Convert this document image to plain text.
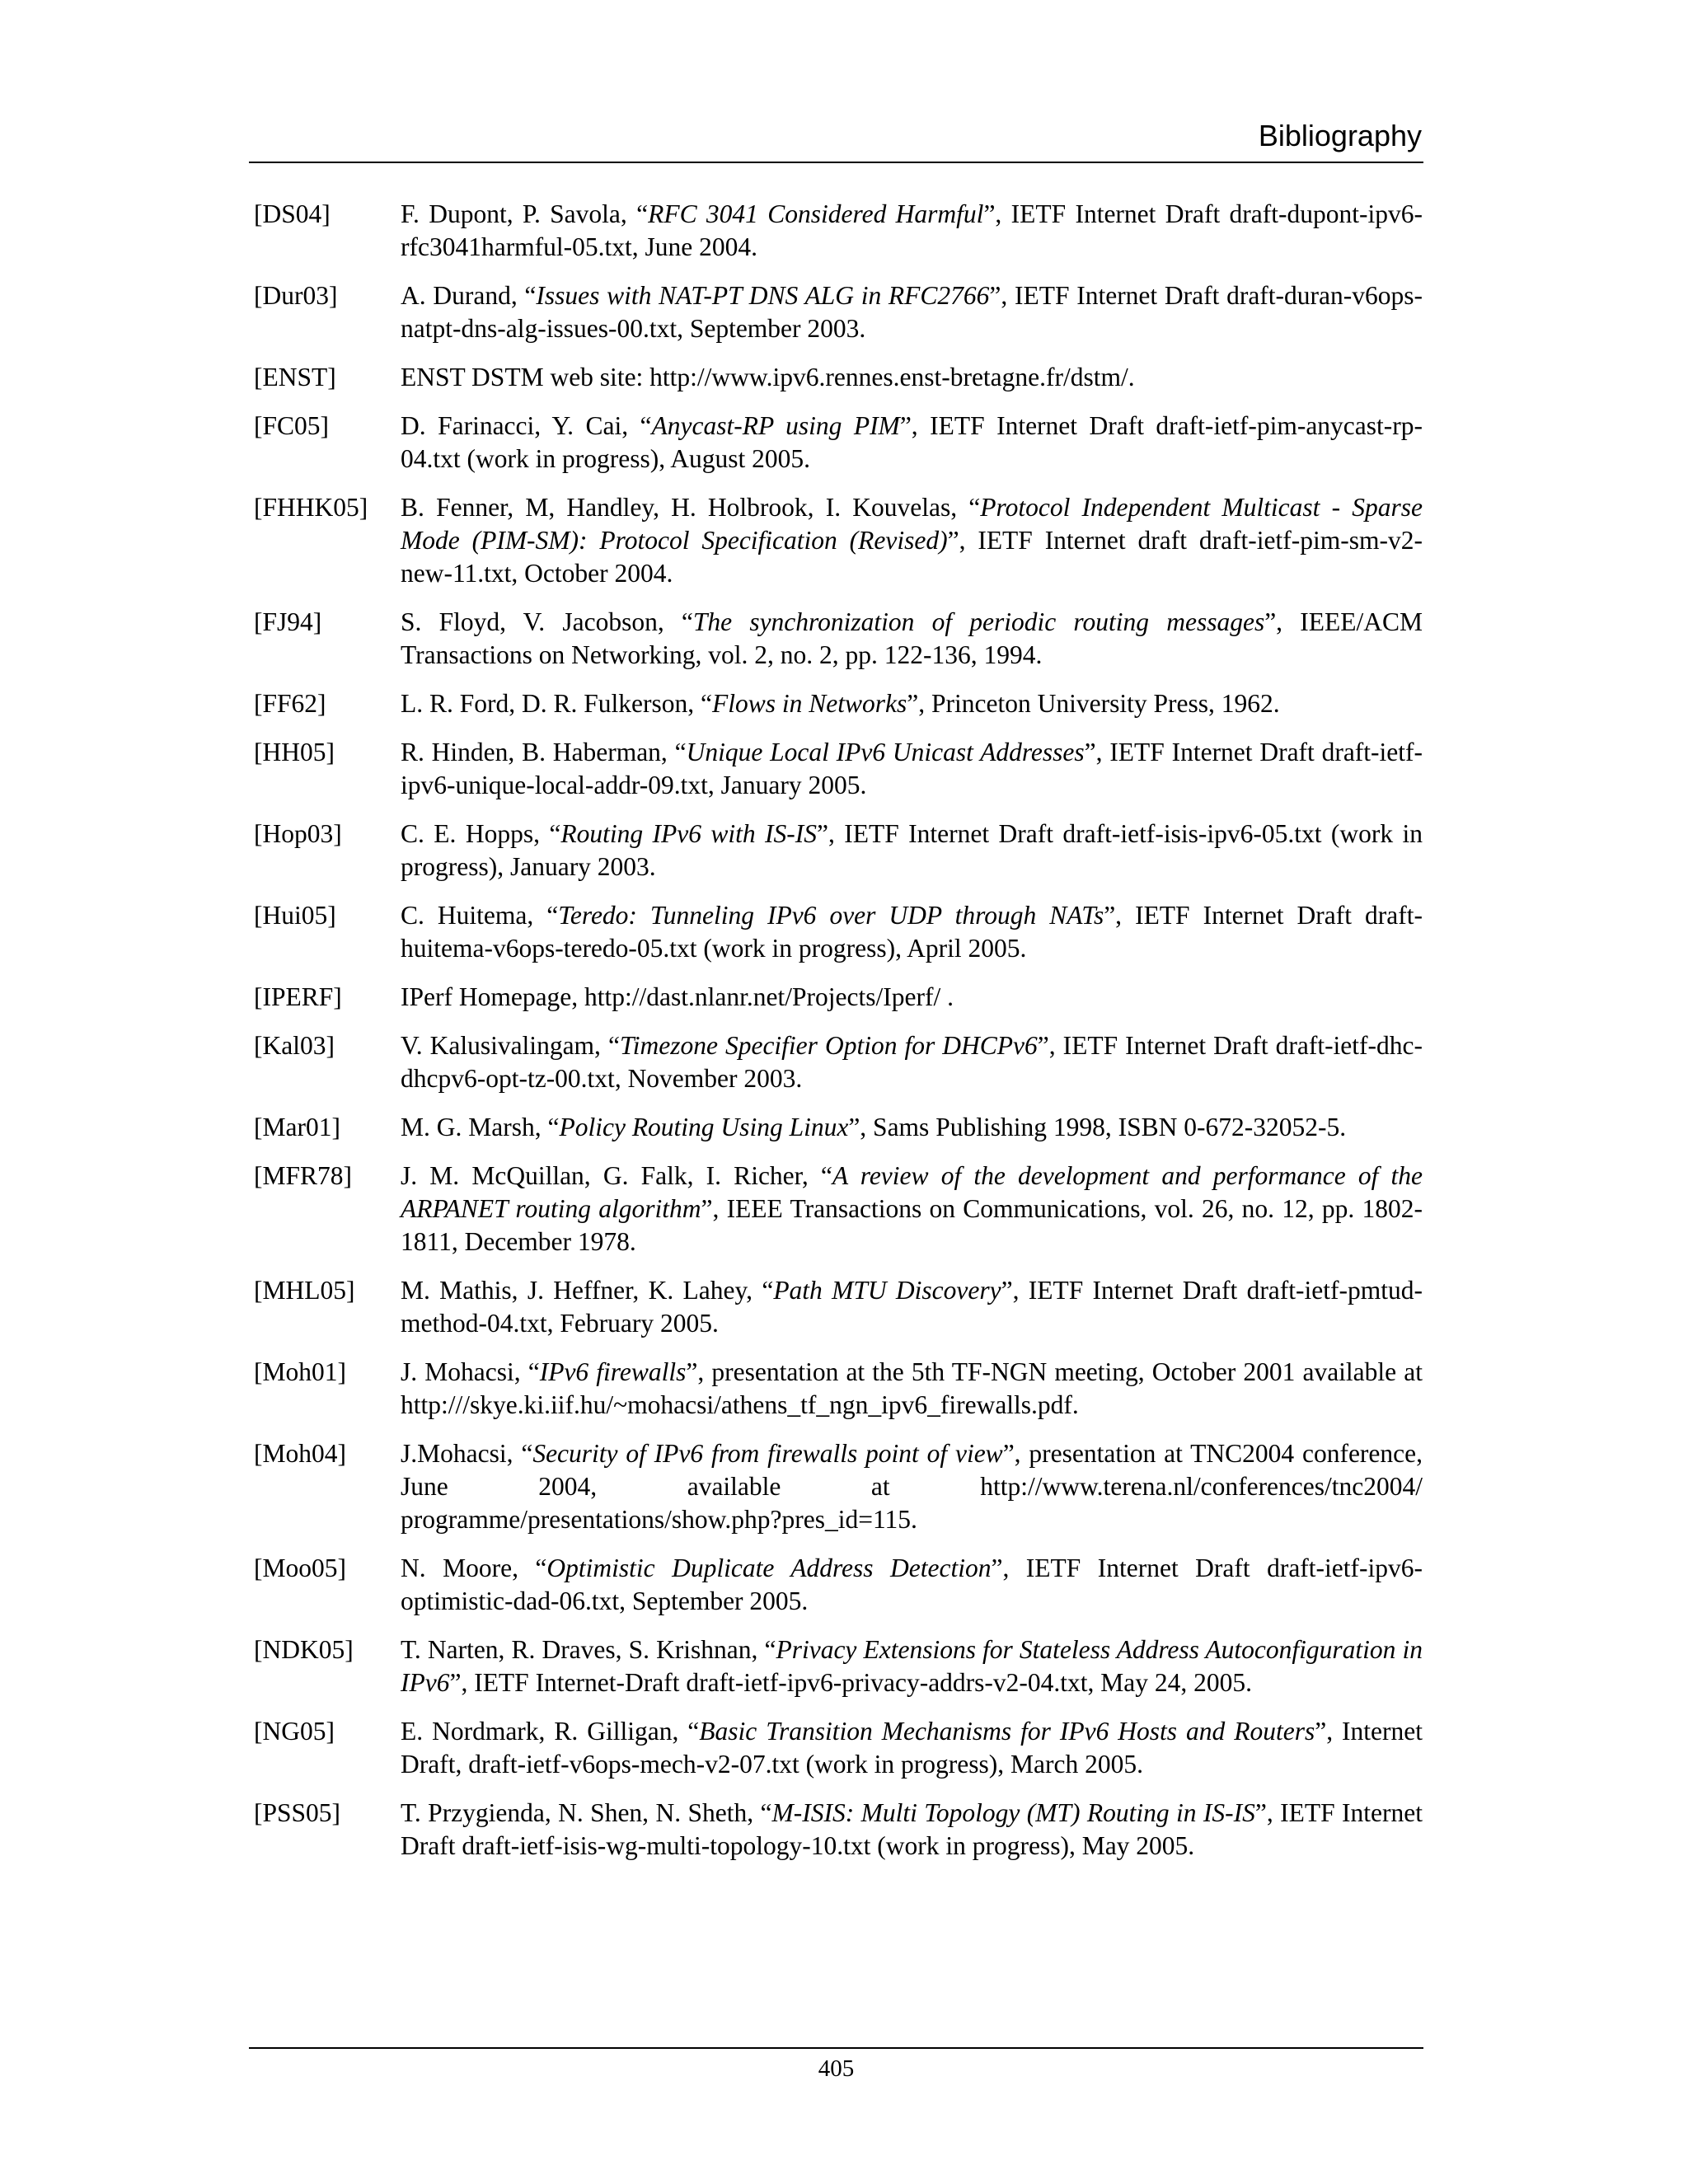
Bibliography
[DS04]	F. Dupont, P. Savola, “RFC 3041 Considered Harmful”, IETF Internet Draft draft-dupont-ipv6-rfc3041harmful-05.txt, June 2004.
[Dur03]	A. Durand, “Issues with NAT-PT DNS ALG in RFC2766”, IETF Internet Draft draft-duran-v6ops-natpt-dns-alg-issues-00.txt, September 2003.
[ENST]	ENST DSTM web site: http://www.ipv6.rennes.enst-bretagne.fr/dstm/.
[FC05]	D. Farinacci, Y. Cai, “Anycast-RP using PIM”, IETF Internet Draft draft-ietf-pim-anycast-rp-04.txt (work in progress), August 2005.
[FHHK05]	B. Fenner, M, Handley, H. Holbrook, I. Kouvelas, “Protocol Independent Multicast - Sparse Mode (PIM-SM): Protocol Specification (Revised)”, IETF Internet draft draft-ietf-pim-sm-v2-new-11.txt, October 2004.
[FJ94]	S. Floyd, V. Jacobson, “The synchronization of periodic routing messages”, IEEE/ACM Transactions on Networking, vol. 2, no. 2, pp. 122-136, 1994.
[FF62]	L. R. Ford, D. R. Fulkerson, “Flows in Networks”, Princeton University Press, 1962.
[HH05]	R. Hinden, B. Haberman, “Unique Local IPv6 Unicast Addresses”, IETF Internet Draft draft-ietf-ipv6-unique-local-addr-09.txt, January 2005.
[Hop03]	C. E. Hopps, “Routing IPv6 with IS-IS”, IETF Internet Draft draft-ietf-isis-ipv6-05.txt (work in progress), January 2003.
[Hui05]	C. Huitema, “Teredo: Tunneling IPv6 over UDP through NATs”, IETF Internet Draft draft-huitema-v6ops-teredo-05.txt (work in progress), April 2005.
[IPERF]	IPerf Homepage, http://dast.nlanr.net/Projects/Iperf/ .
[Kal03]	V. Kalusivalingam, “Timezone Specifier Option for DHCPv6”, IETF Internet Draft draft-ietf-dhc-dhcpv6-opt-tz-00.txt, November 2003.
[Mar01]	M. G. Marsh, “Policy Routing Using Linux”, Sams Publishing 1998, ISBN 0-672-32052-5.
[MFR78]	J. M. McQuillan, G. Falk, I. Richer, “A review of the development and performance of the ARPANET routing algorithm”, IEEE Transactions on Communications, vol. 26, no. 12, pp. 1802-1811, December 1978.
[MHL05]	M. Mathis, J. Heffner, K. Lahey, “Path MTU Discovery”, IETF Internet Draft draft-ietf-pmtud-method-04.txt, February 2005.
[Moh01]	J. Mohacsi, “IPv6 firewalls”, presentation at the 5th TF-NGN meeting, October 2001 available at http:///skye.ki.iif.hu/~mohacsi/athens_tf_ngn_ipv6_firewalls.pdf.
[Moh04]	J.Mohacsi, “Security of IPv6 from firewalls point of view”, presentation at TNC2004 conference, June 2004, available at http://www.terena.nl/conferences/tnc2004/ programme/presentations/show.php?pres_id=115.
[Moo05]	N. Moore, “Optimistic Duplicate Address Detection”, IETF Internet Draft draft-ietf-ipv6-optimistic-dad-06.txt, September 2005.
[NDK05]	T. Narten, R. Draves, S. Krishnan, “Privacy Extensions for Stateless Address Autoconfiguration in IPv6”, IETF Internet-Draft draft-ietf-ipv6-privacy-addrs-v2-04.txt, May 24, 2005.
[NG05]	E. Nordmark, R. Gilligan, “Basic Transition Mechanisms for IPv6 Hosts and Routers”, Internet Draft, draft-ietf-v6ops-mech-v2-07.txt (work in progress), March 2005.
[PSS05]	T. Przygienda, N. Shen, N. Sheth, “M-ISIS: Multi Topology (MT) Routing in IS-IS”, IETF Internet Draft draft-ietf-isis-wg-multi-topology-10.txt (work in progress), May 2005.
405
